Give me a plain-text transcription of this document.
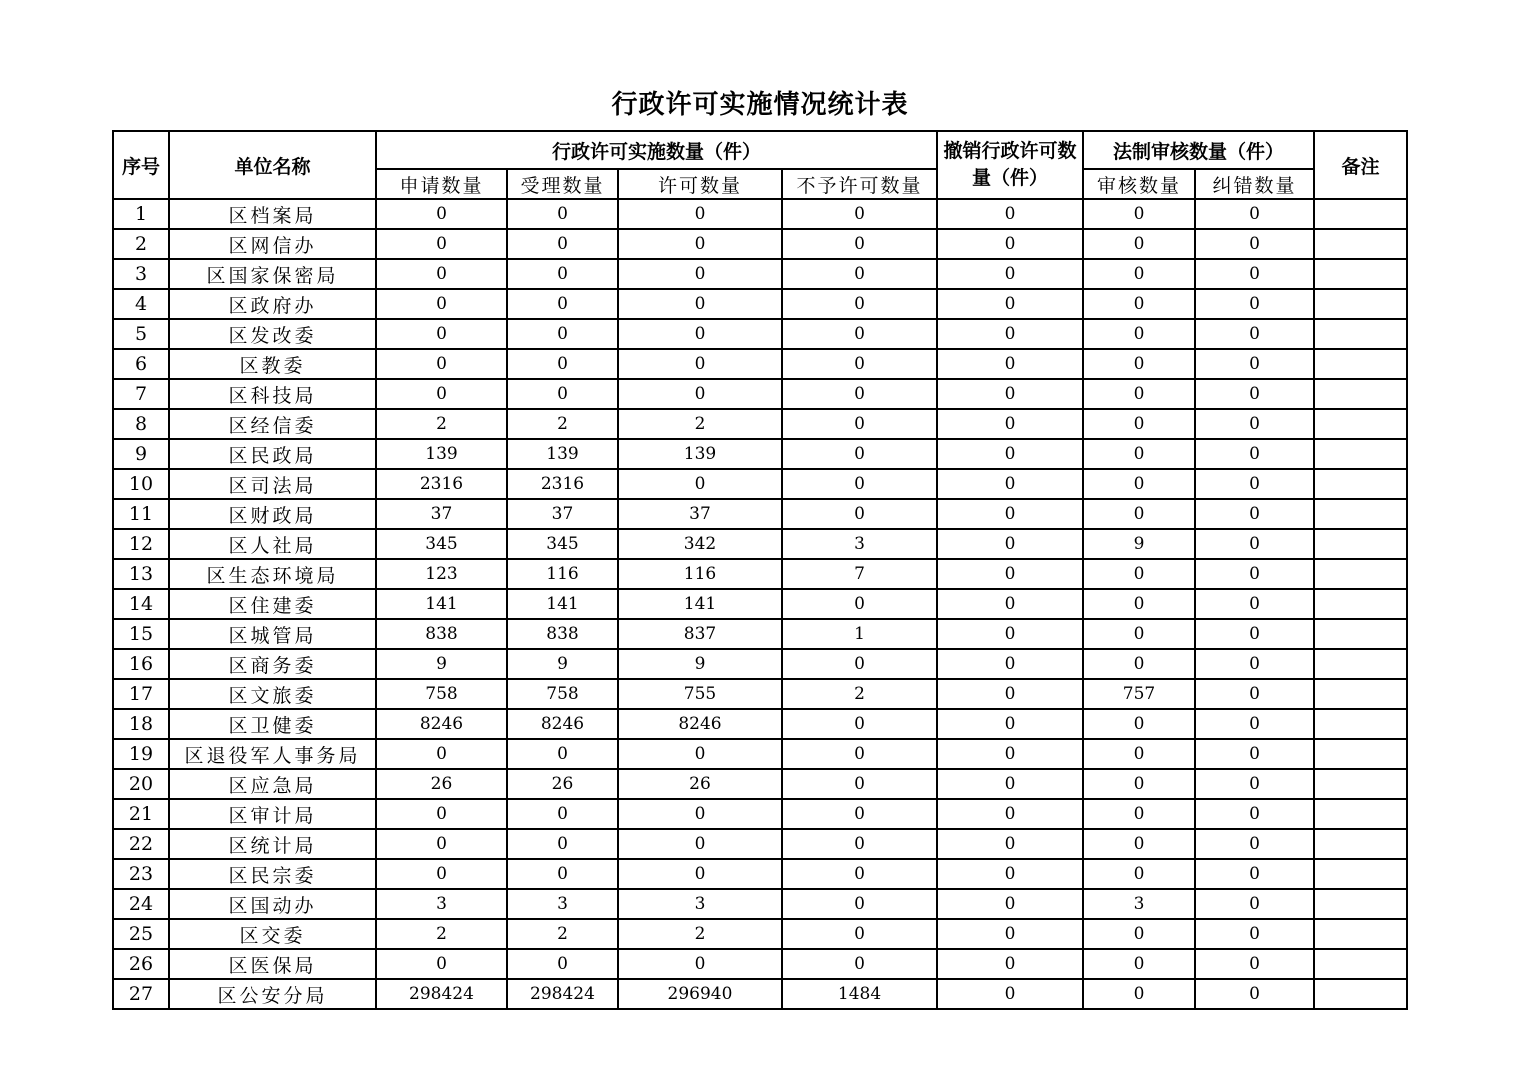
行政许可实施情况统计表
序号	单位名称	行政许可实施数量（件）				撤销行政许可数量（件）	法制审核数量（件）		备注
		申请数量	受理数量	许可数量	不予许可数量		审核数量	纠错数量	
1	区档案局	0	0	0	0	0	0	0	
2	区网信办	0	0	0	0	0	0	0	
3	区国家保密局	0	0	0	0	0	0	0	
4	区政府办	0	0	0	0	0	0	0	
5	区发改委	0	0	0	0	0	0	0	
6	区教委	0	0	0	0	0	0	0	
7	区科技局	0	0	0	0	0	0	0	
8	区经信委	2	2	2	0	0	0	0	
9	区民政局	139	139	139	0	0	0	0	
10	区司法局	2316	2316	0	0	0	0	0	
11	区财政局	37	37	37	0	0	0	0	
12	区人社局	345	345	342	3	0	9	0	
13	区生态环境局	123	116	116	7	0	0	0	
14	区住建委	141	141	141	0	0	0	0	
15	区城管局	838	838	837	1	0	0	0	
16	区商务委	9	9	9	0	0	0	0	
17	区文旅委	758	758	755	2	0	757	0	
18	区卫健委	8246	8246	8246	0	0	0	0	
19	区退役军人事务局	0	0	0	0	0	0	0	
20	区应急局	26	26	26	0	0	0	0	
21	区审计局	0	0	0	0	0	0	0	
22	区统计局	0	0	0	0	0	0	0	
23	区民宗委	0	0	0	0	0	0	0	
24	区国动办	3	3	3	0	0	3	0	
25	区交委	2	2	2	0	0	0	0	
26	区医保局	0	0	0	0	0	0	0	
27	区公安分局	298424	298424	296940	1484	0	0	0	
